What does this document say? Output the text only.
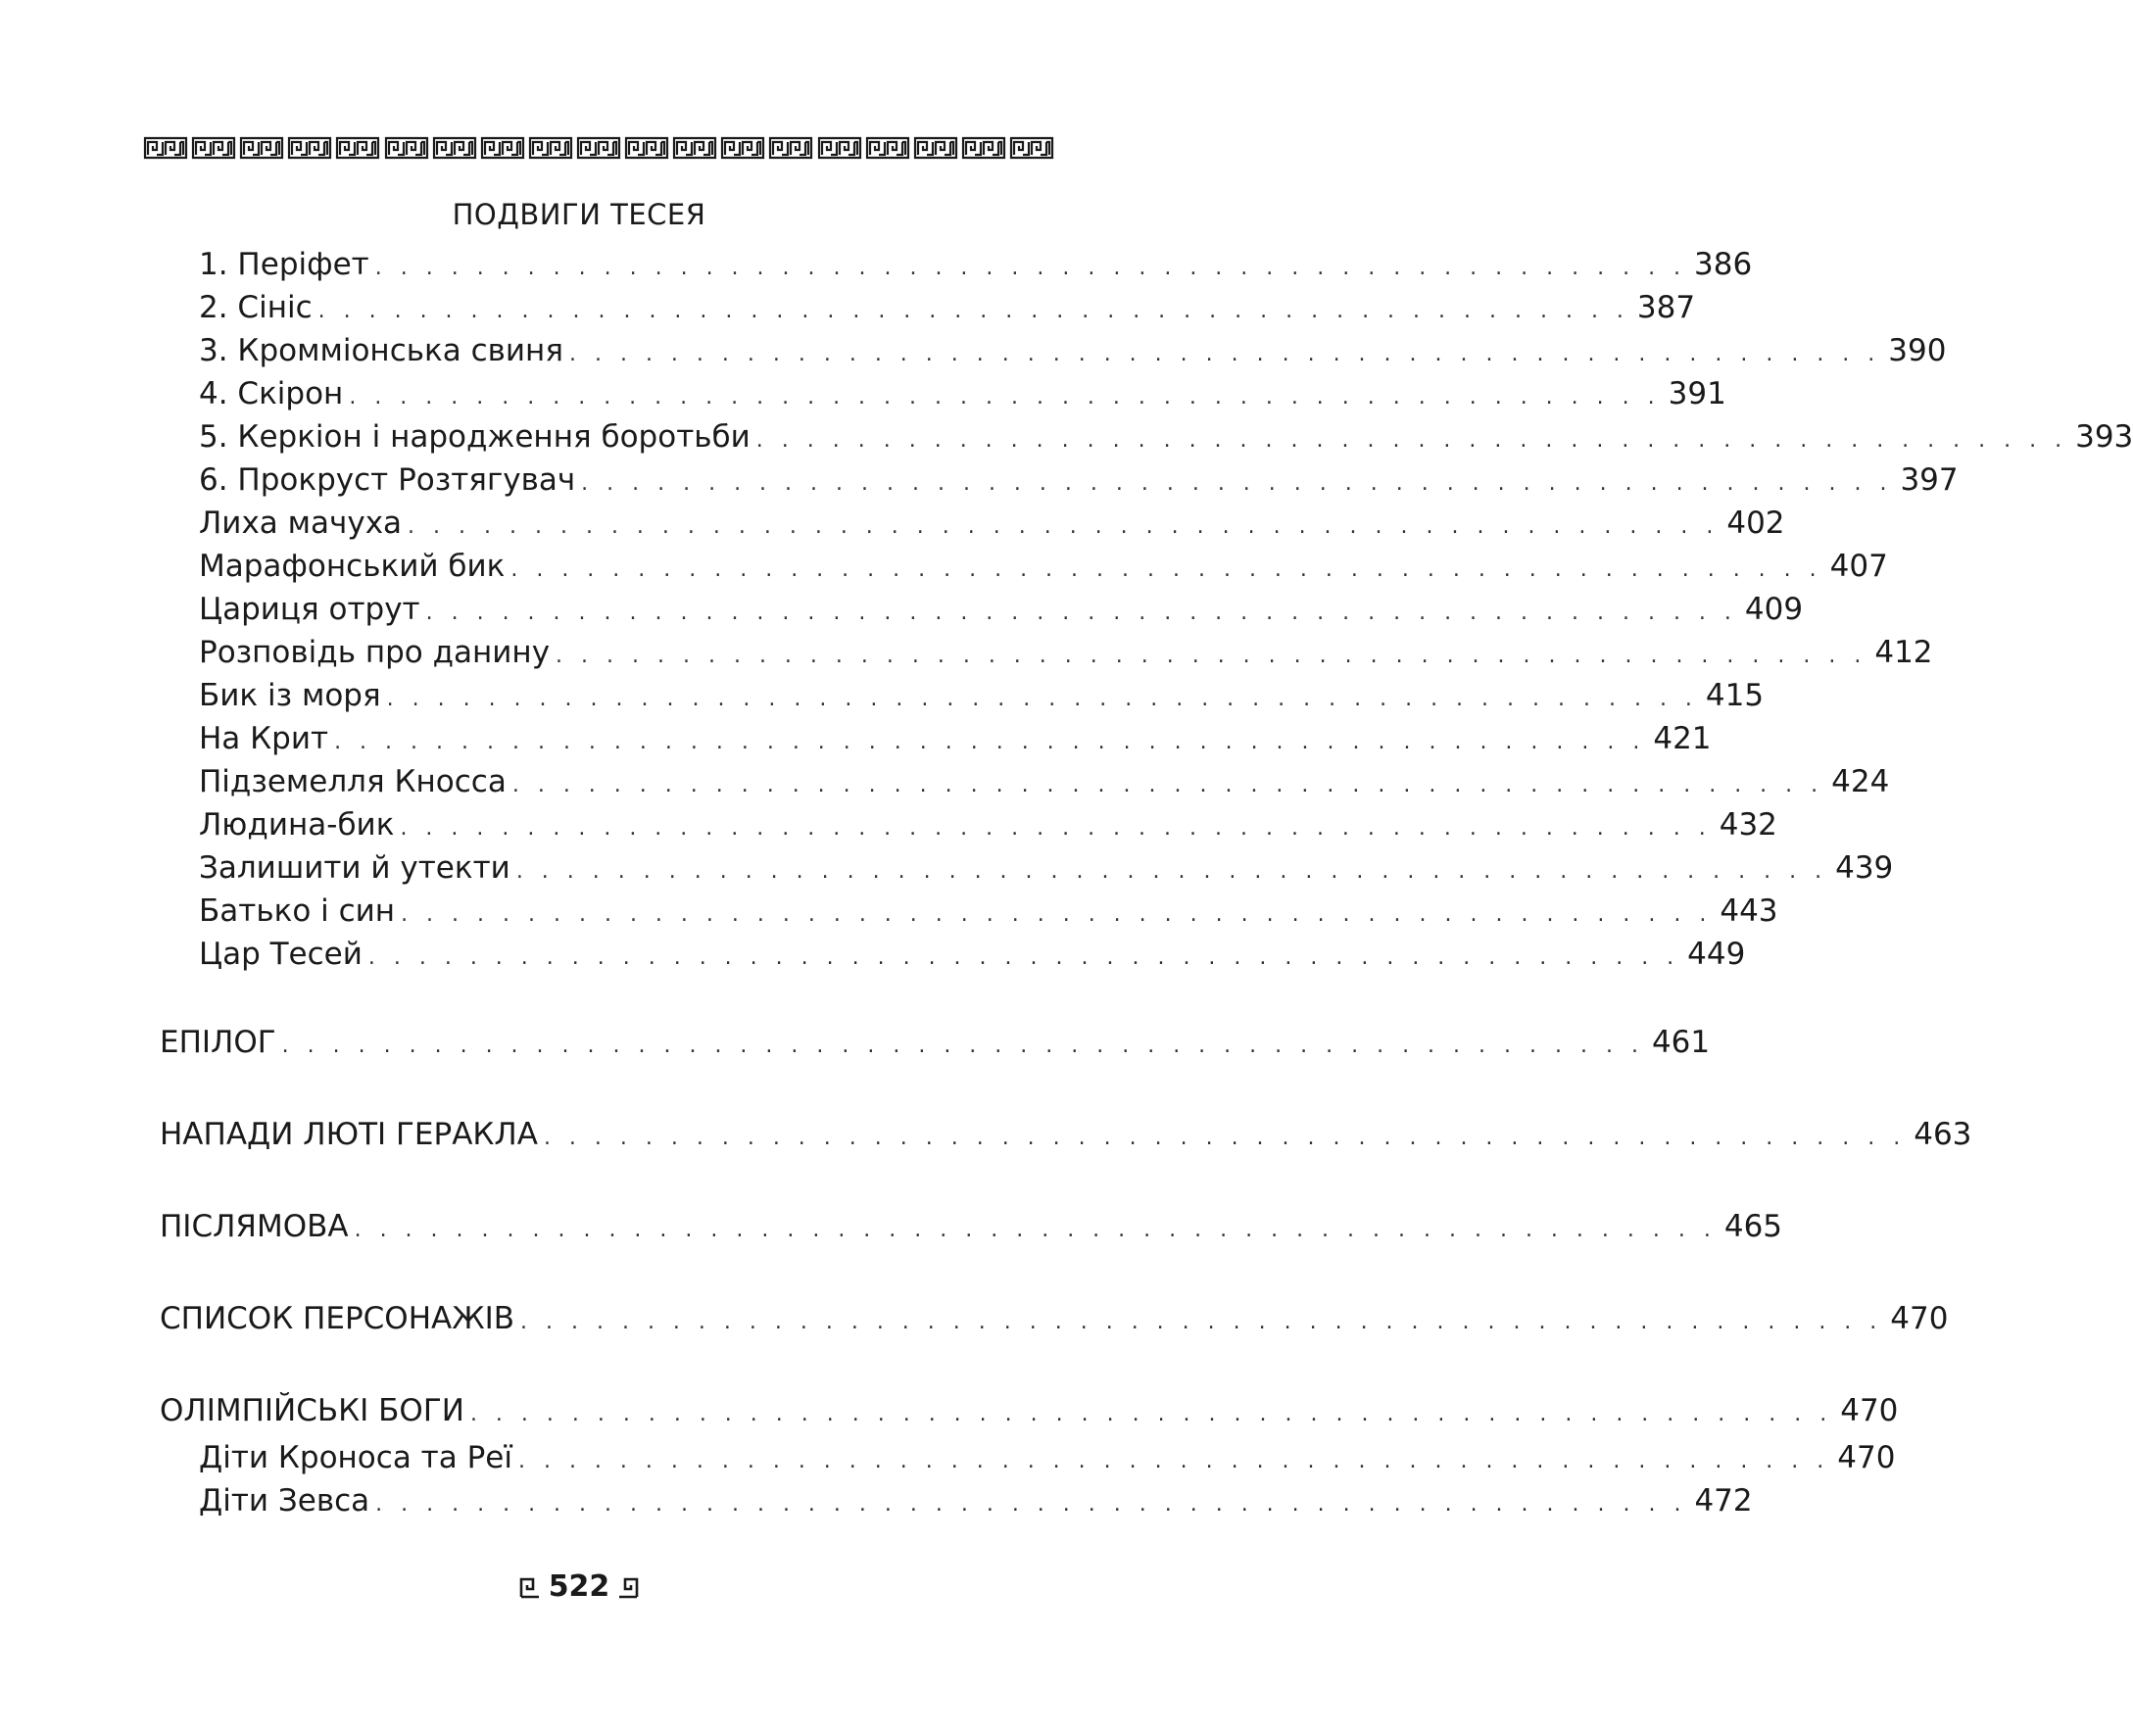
ПОДВИГИ ТЕСЕЯ
1. Періфет . . . . . . . . . . . . . . . . . . . . . . . . . . . . . . . . . . . . . . . . . . . . . . . . . . . . 386
2. Сініс . . . . . . . . . . . . . . . . . . . . . . . . . . . . . . . . . . . . . . . . . . . . . . . . . . . . 387
3. Кромміонська свиня . . . . . . . . . . . . . . . . . . . . . . . . . . . . . . . . . . . . . . . . . . . . . . . . . . . . 390
4. Скірон . . . . . . . . . . . . . . . . . . . . . . . . . . . . . . . . . . . . . . . . . . . . . . . . . . . . 391
5. Керкіон і народження боротьби . . . . . . . . . . . . . . . . . . . . . . . . . . . . . . . . . . . . . . . . . . . . . . . . . . . . 393
6. Прокруст Розтягувач . . . . . . . . . . . . . . . . . . . . . . . . . . . . . . . . . . . . . . . . . . . . . . . . . . . . 397
Лиха мачуха . . . . . . . . . . . . . . . . . . . . . . . . . . . . . . . . . . . . . . . . . . . . . . . . . . . . 402
Марафонський бик . . . . . . . . . . . . . . . . . . . . . . . . . . . . . . . . . . . . . . . . . . . . . . . . . . . . 407
Цариця отрут . . . . . . . . . . . . . . . . . . . . . . . . . . . . . . . . . . . . . . . . . . . . . . . . . . . . 409
Розповідь про данину . . . . . . . . . . . . . . . . . . . . . . . . . . . . . . . . . . . . . . . . . . . . . . . . . . . . 412
Бик із моря . . . . . . . . . . . . . . . . . . . . . . . . . . . . . . . . . . . . . . . . . . . . . . . . . . . . 415
На Крит . . . . . . . . . . . . . . . . . . . . . . . . . . . . . . . . . . . . . . . . . . . . . . . . . . . . 421
Підземелля Кносса . . . . . . . . . . . . . . . . . . . . . . . . . . . . . . . . . . . . . . . . . . . . . . . . . . . . 424
Людина-бик . . . . . . . . . . . . . . . . . . . . . . . . . . . . . . . . . . . . . . . . . . . . . . . . . . . . 432
Залишити й утекти . . . . . . . . . . . . . . . . . . . . . . . . . . . . . . . . . . . . . . . . . . . . . . . . . . . . 439
Батько і син . . . . . . . . . . . . . . . . . . . . . . . . . . . . . . . . . . . . . . . . . . . . . . . . . . . . 443
Цар Тесей . . . . . . . . . . . . . . . . . . . . . . . . . . . . . . . . . . . . . . . . . . . . . . . . . . . . 449
ЕПІЛОГ . . . . . . . . . . . . . . . . . . . . . . . . . . . . . . . . . . . . . . . . . . . . . . . . . . . . . . 461
НАПАДИ ЛЮТІ ГЕРАКЛА . . . . . . . . . . . . . . . . . . . . . . . . . . . . . . . . . . . . . . . . . . . . . . . . . . . . . . 463
ПІСЛЯМОВА . . . . . . . . . . . . . . . . . . . . . . . . . . . . . . . . . . . . . . . . . . . . . . . . . . . . . . 465
СПИСОК ПЕРСОНАЖІВ . . . . . . . . . . . . . . . . . . . . . . . . . . . . . . . . . . . . . . . . . . . . . . . . . . . . . . 470
ОЛІМПІЙСЬКІ БОГИ . . . . . . . . . . . . . . . . . . . . . . . . . . . . . . . . . . . . . . . . . . . . . . . . . . . . . . 470
Діти Кроноса та Реї . . . . . . . . . . . . . . . . . . . . . . . . . . . . . . . . . . . . . . . . . . . . . . . . . . . . 470
Діти Зевса . . . . . . . . . . . . . . . . . . . . . . . . . . . . . . . . . . . . . . . . . . . . . . . . . . . . 472
522
